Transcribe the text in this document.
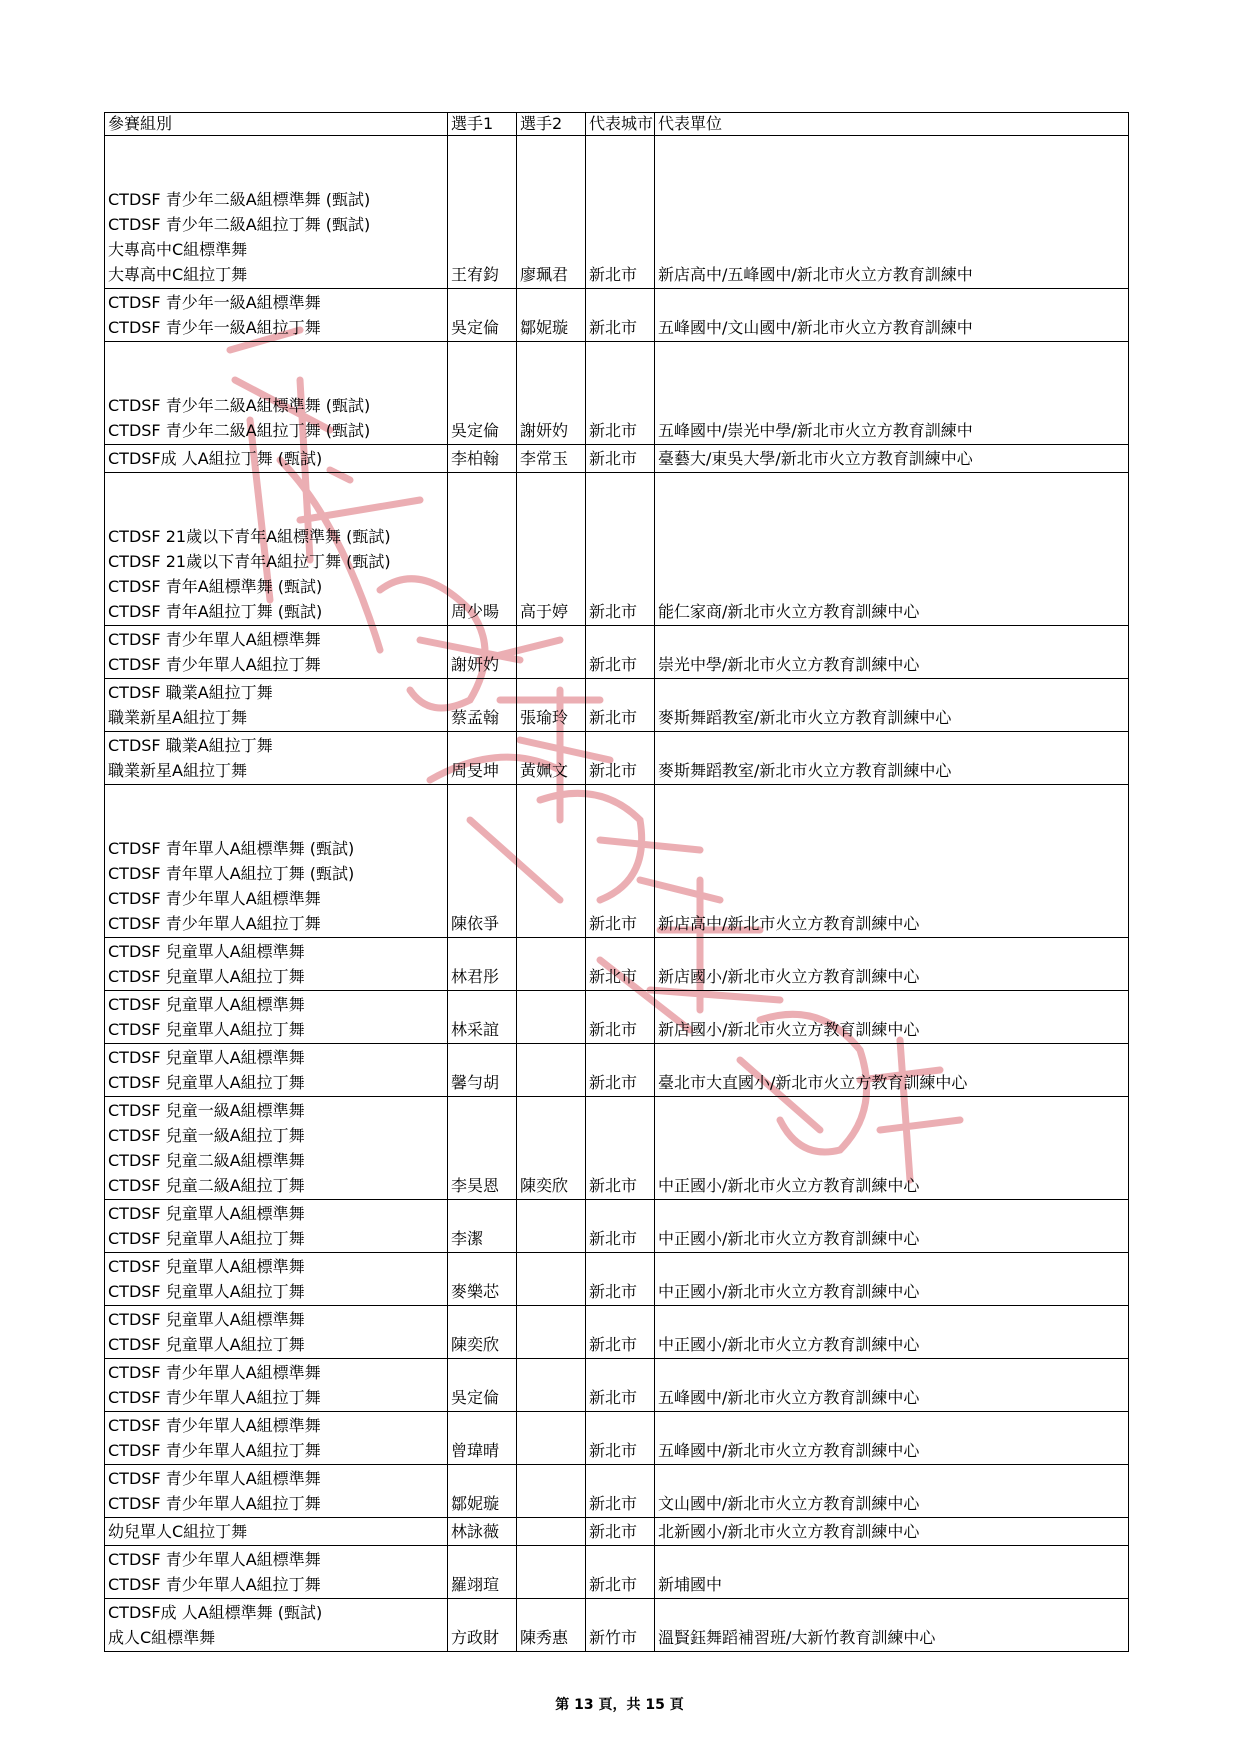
參賽組別	選手1	選手2	代表城市	代表單位

CTDSF 青少年二級A組標準舞 (甄試)
CTDSF 青少年二級A組拉丁舞 (甄試)
大專高中C組標準舞
大專高中C組拉丁舞	王宥鈞	廖珮君	新北市	新店高中/五峰國中/新北市火立方教育訓練中

CTDSF 青少年一級A組標準舞
CTDSF 青少年一級A組拉丁舞	吳定倫	鄒妮璇	新北市	五峰國中/文山國中/新北市火立方教育訓練中

CTDSF 青少年二級A組標準舞 (甄試)
CTDSF 青少年二級A組拉丁舞 (甄試)	吳定倫	謝妍妁	新北市	五峰國中/崇光中學/新北市火立方教育訓練中

CTDSF成 人A組拉丁舞 (甄試)	李柏翰	李常玉	新北市	臺藝大/東吳大學/新北市火立方教育訓練中心

CTDSF 21歲以下青年A組標準舞 (甄試)
CTDSF 21歲以下青年A組拉丁舞 (甄試)
CTDSF 青年A組標準舞 (甄試)
CTDSF 青年A組拉丁舞 (甄試)	周少暘	高于婷	新北市	能仁家商/新北市火立方教育訓練中心

CTDSF 青少年單人A組標準舞
CTDSF 青少年單人A組拉丁舞	謝妍妁		新北市	崇光中學/新北市火立方教育訓練中心

CTDSF 職業A組拉丁舞
職業新星A組拉丁舞	蔡孟翰	張瑜玲	新北市	麥斯舞蹈教室/新北市火立方教育訓練中心

CTDSF 職業A組拉丁舞
職業新星A組拉丁舞	周旻坤	黃姵文	新北市	麥斯舞蹈教室/新北市火立方教育訓練中心

CTDSF 青年單人A組標準舞 (甄試)
CTDSF 青年單人A組拉丁舞 (甄試)
CTDSF 青少年單人A組標準舞
CTDSF 青少年單人A組拉丁舞	陳依爭		新北市	新店高中/新北市火立方教育訓練中心

CTDSF 兒童單人A組標準舞
CTDSF 兒童單人A組拉丁舞	林君彤		新北市	新店國小/新北市火立方教育訓練中心

CTDSF 兒童單人A組標準舞
CTDSF 兒童單人A組拉丁舞	林采誼		新北市	新店國小/新北市火立方教育訓練中心

CTDSF 兒童單人A組標準舞
CTDSF 兒童單人A組拉丁舞	馨勻胡		新北市	臺北市大直國小/新北市火立方教育訓練中心

CTDSF 兒童一級A組標準舞
CTDSF 兒童一級A組拉丁舞
CTDSF 兒童二級A組標準舞
CTDSF 兒童二級A組拉丁舞	李昊恩	陳奕欣	新北市	中正國小/新北市火立方教育訓練中心

CTDSF 兒童單人A組標準舞
CTDSF 兒童單人A組拉丁舞	李潔		新北市	中正國小/新北市火立方教育訓練中心

CTDSF 兒童單人A組標準舞
CTDSF 兒童單人A組拉丁舞	麥樂芯		新北市	中正國小/新北市火立方教育訓練中心

CTDSF 兒童單人A組標準舞
CTDSF 兒童單人A組拉丁舞	陳奕欣		新北市	中正國小/新北市火立方教育訓練中心

CTDSF 青少年單人A組標準舞
CTDSF 青少年單人A組拉丁舞	吳定倫		新北市	五峰國中/新北市火立方教育訓練中心

CTDSF 青少年單人A組標準舞
CTDSF 青少年單人A組拉丁舞	曾瑋晴		新北市	五峰國中/新北市火立方教育訓練中心

CTDSF 青少年單人A組標準舞
CTDSF 青少年單人A組拉丁舞	鄒妮璇		新北市	文山國中/新北市火立方教育訓練中心

幼兒單人C組拉丁舞	林詠薇		新北市	北新國小/新北市火立方教育訓練中心

CTDSF 青少年單人A組標準舞
CTDSF 青少年單人A組拉丁舞	羅翊瑄		新北市	新埔國中

CTDSF成 人A組標準舞 (甄試)
成人C組標準舞	方政財	陳秀惠	新竹市	溫賢鈺舞蹈補習班/大新竹教育訓練中心
第 13 頁，共 15 頁
